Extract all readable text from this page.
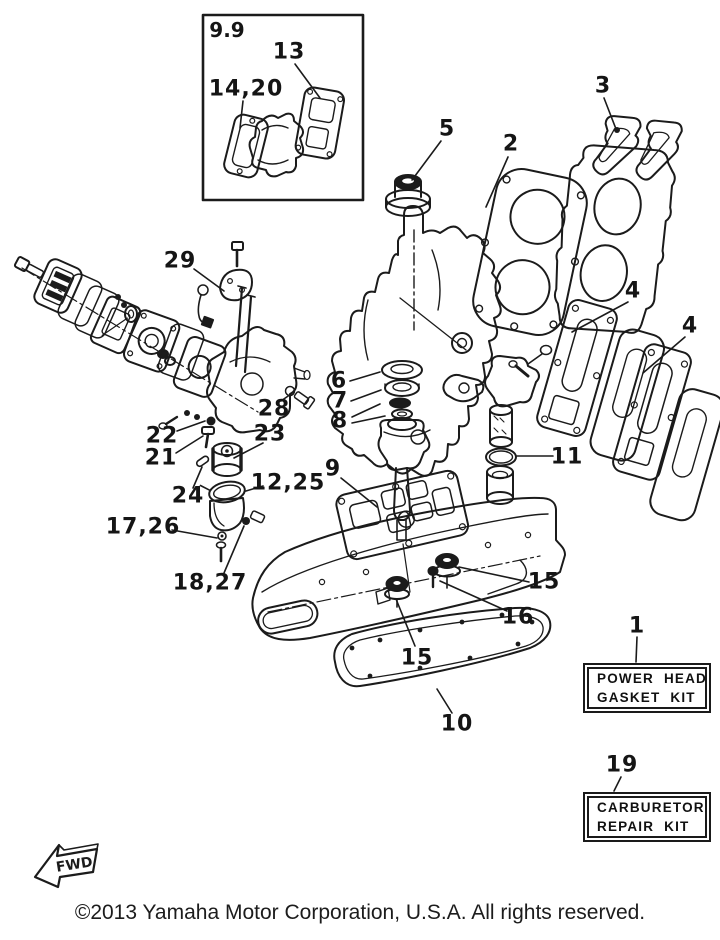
FWD
9.9
13
14,20
5
2
3
4
4
29
6
7
8
28
22
21
23
24
12,25
17,26
18,27
9	11
15
16
15
10
1
19
POWER HEAD
GASKET KIT
CARBURETOR
REPAIR KIT
©2013 Yamaha Motor Corporation, U.S.A. All rights reserved.
